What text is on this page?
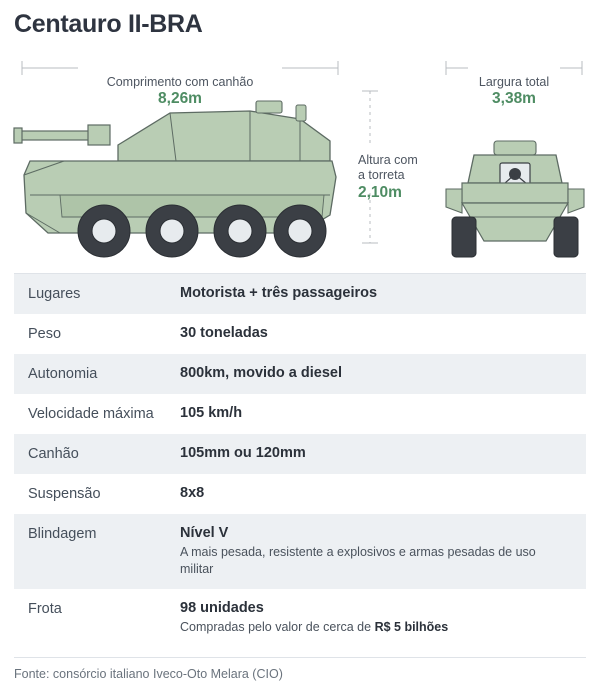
Centauro II-BRA
Comprimento com canhão
8,26m
Largura total
3,38m
Altura com
a torreta
2,10m
Lugares	Motorista + três passageiros
Peso	30 toneladas
Autonomia	800km, movido a diesel
Velocidade máxima	105 km/h
Canhão	105mm ou 120mm
Suspensão	8x8
Blindagem	Nível V
A mais pesada, resistente a explosivos e armas pesadas de uso militar
Frota	98 unidades
Compradas pelo valor de cerca de R$ 5 bilhões
Fonte: consórcio italiano Iveco-Oto Melara (CIO)
